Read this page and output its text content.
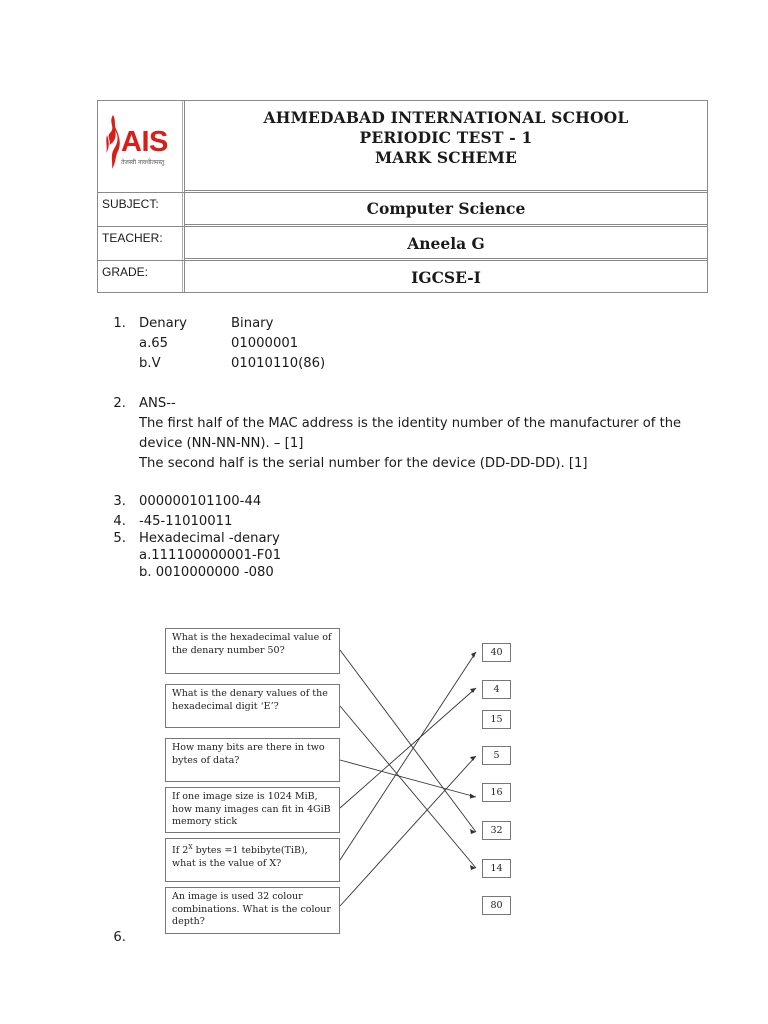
AIS
तेजस्वी नावधीतमस्तु
AHMEDABAD INTERNATIONAL SCHOOL
PERIODIC TEST - 1
MARK SCHEME
SUBJECT:	Computer Science
TEACHER:	Aneela G
GRADE:	IGCSE-I
1. Denary	Binary
a.65	01000001
b.V	01010110(86)
2. ANS--
The first half of the MAC address is the identity number of the manufacturer of the
device (NN-NN-NN). – [1]
The second half is the serial number for the device (DD-DD-DD). [1]
3. 000000101100-44
4. -45-11010011
5. Hexadecimal -denary
a.111100000001-F01
b. 0010000000 -080
What is the hexadecimal value of the denary number 50?
What is the denary values of the hexadecimal digit ‘E’?
How many bits are there in two bytes of data?
If one image size is 1024 MiB, how many images can fit in 4GiB memory stick
If $2^X$ bytes =1 tebibyte(TiB), what is the value of X?
An image is used 32 colour combinations. What is the colour depth?
40
4
15
5
16
32
14
80
6.
